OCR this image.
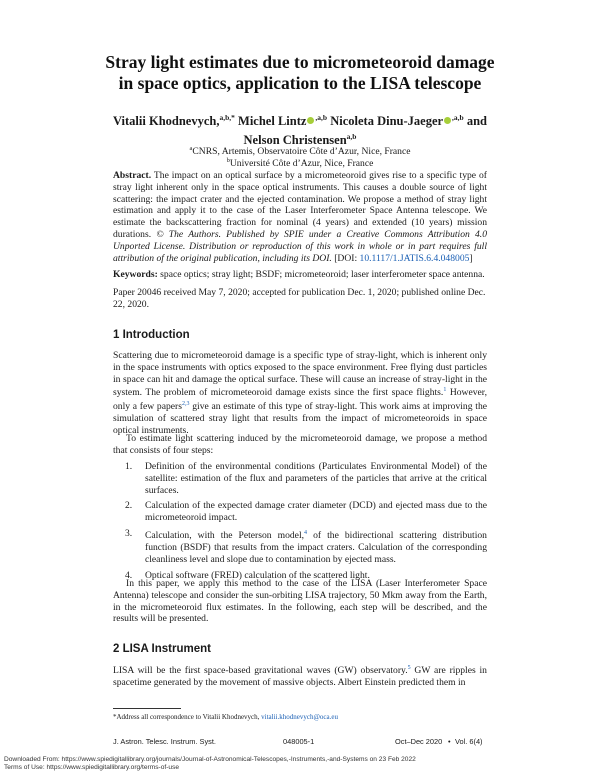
Stray light estimates due to micrometeoroid damage
in space optics, application to the LISA telescope
Vitalii Khodnevych,$^{a,b,*}$ Michel Lintz $^{,a,b}$ Nicoleta Dinu-Jaeger $^{,a,b}$ and
Nelson Christensen$^{a,b}$
$^a$CNRS, Artemis, Observatoire Côte d’Azur, Nice, France
$^b$Université Côte d’Azur, Nice, France
Abstract. The impact on an optical surface by a micrometeoroid gives rise to a specific type of stray light inherent only in the space optical instruments. This causes a double source of light scattering: the impact crater and the ejected contamination. We propose a method of stray light estimation and apply it to the case of the Laser Interferometer Space Antenna telescope. We estimate the backscattering fraction for nominal (4 years) and extended (10 years) mission durations. © The Authors. Published by SPIE under a Creative Commons Attribution 4.0 Unported License. Distribution or reproduction of this work in whole or in part requires full attribution of the original publication, including its DOI. [DOI: 10.1117/1.JATIS.6.4.048005]
Keywords: space optics; stray light; BSDF; micrometeoroid; laser interferometer space antenna.
Paper 20046 received May 7, 2020; accepted for publication Dec. 1, 2020; published online Dec. 22, 2020.
1 Introduction
Scattering due to micrometeoroid damage is a specific type of stray-light, which is inherent only in the space instruments with optics exposed to the space environment. Free flying dust particles in space can hit and damage the optical surface. These will cause an increase of stray-light in the system. The problem of micrometeoroid damage exists since the first space flights.$^1$ However, only a few papers$^{2,3}$ give an estimate of this type of stray-light. This work aims at improving the simulation of scattered stray light that results from the impact of micrometeoroids in space optical instruments.
To estimate light scattering induced by the micrometeoroid damage, we propose a method that consists of four steps:
1. Definition of the environmental conditions (Particulates Environmental Model) of the satellite: estimation of the flux and parameters of the particles that arrive at the critical surfaces.
2. Calculation of the expected damage crater diameter (DCD) and ejected mass due to the micrometeoroid impact.
3. Calculation, with the Peterson model,$^4$ of the bidirectional scattering distribution function (BSDF) that results from the impact craters. Calculation of the corresponding cleanliness level and slope due to contamination by ejected mass.
4. Optical software (FRED) calculation of the scattered light.
In this paper, we apply this method to the case of the LISA (Laser Interferometer Space Antenna) telescope and consider the sun-orbiting LISA trajectory, 50 Mkm away from the Earth, in the micrometeoroid flux estimates. In the following, each step will be described, and the results will be presented.
2 LISA Instrument
LISA will be the first space-based gravitational waves (GW) observatory.$^5$ GW are ripples in spacetime generated by the movement of massive objects. Albert Einstein predicted them in
*Address all correspondence to Vitalii Khodnevych, vitalii.khodnevych@oca.eu
J. Astron. Telesc. Instrum. Syst.	048005-1	Oct–Dec 2020 • Vol. 6(4)
Downloaded From: https://www.spiedigitallibrary.org/journals/Journal-of-Astronomical-Telescopes,-Instruments,-and-Systems on 23 Feb 2022
Terms of Use: https://www.spiedigitallibrary.org/terms-of-use
